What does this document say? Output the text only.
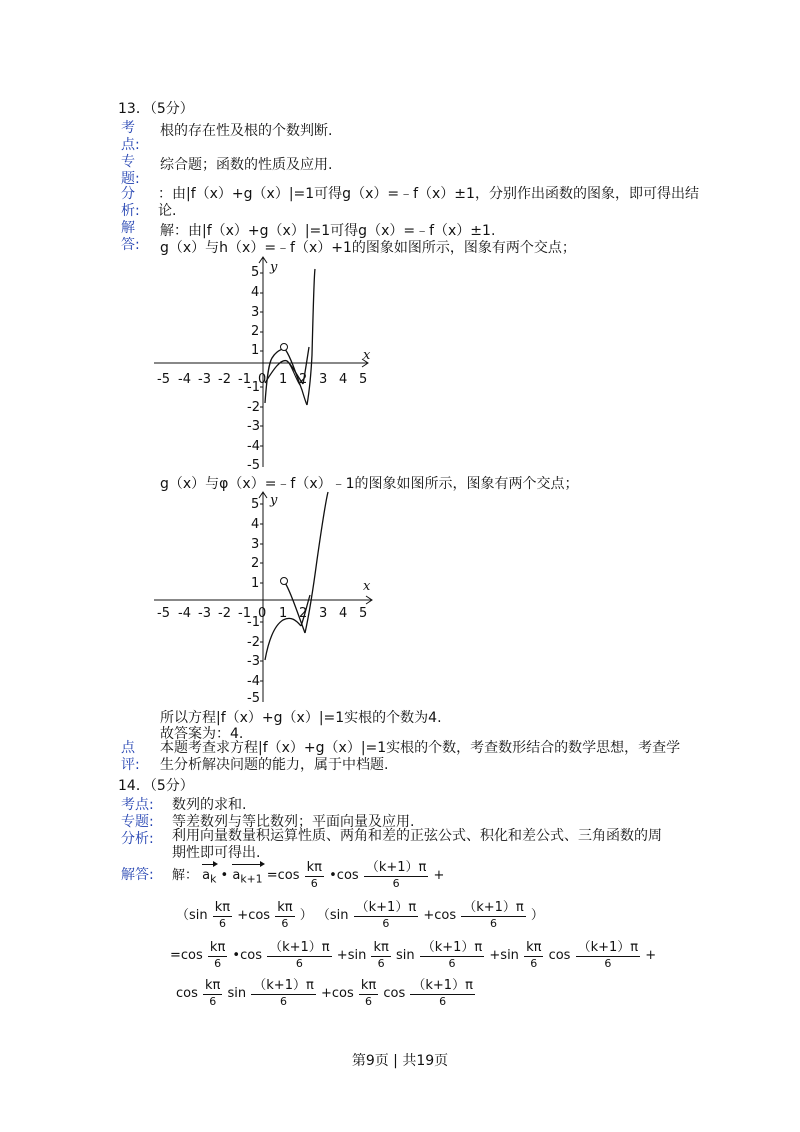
13．（5分）
考
点:
根的存在性及根的个数判断.
专
题:
综合题；函数的性质及应用.
分
析:
：由|f（x）+g（x）|=1可得g（x）=﹣f（x）±1，分别作出函数的图象，即可得出结
论.
解
答:
解：由|f（x）+g（x）|=1可得g（x）=﹣f（x）±1.
g（x）与h（x）=﹣f（x）+1的图象如图所示，图象有两个交点；
x
y
-5 -4 -3 -2 -1 0 1 2 3 4 5
5
4
3
2
1
-1
-2
-3
-4
-5
g（x）与φ（x）=﹣f（x）﹣1的图象如图所示，图象有两个交点；
x
y
-5 -4 -3 -2 -1 0 1 2 3 4 5
5
4
3
2
1
-1
-2
-3
-4
-5
所以方程|f（x）+g（x）|=1实根的个数为4.
故答案为：4.
点
评:
本题考查求方程|f（x）+g（x）|=1实根的个数，考查数形结合的数学思想，考查学
生分析解决问题的能力，属于中档题.
14．（5分）
考点: 数列的求和.
专题: 等差数列与等比数列；平面向量及应用.
分析: 利用向量数量积运算性质、两角和差的正弦公式、积化和差公式、三角函数的周
期性即可得出.
解答: 解： $a_k$ • $a_{k+1} =\cos \frac{k\pi}{6}$ •cos $\frac{(k+1)\pi}{6}$ +
（$\sin \frac{k\pi}{6} +\cos \frac{k\pi}{6}$ ） （$\sin \frac{(k+1)\pi}{6} +\cos \frac{(k+1)\pi}{6}$ ）
$=\cos \frac{k\pi}{6}$ •cos $\frac{(k+1)\pi}{6} +\sin \frac{k\pi}{6}$ $\sin \frac{(k+1)\pi}{6} +\sin \frac{k\pi}{6}$ $\cos \frac{(k+1)\pi}{6}$ +
$\cos \frac{k\pi}{6}$ $\sin \frac{(k+1)\pi}{6} +\cos \frac{k\pi}{6}$ $\cos \frac{(k+1)\pi}{6}$
第9页 | 共19页
